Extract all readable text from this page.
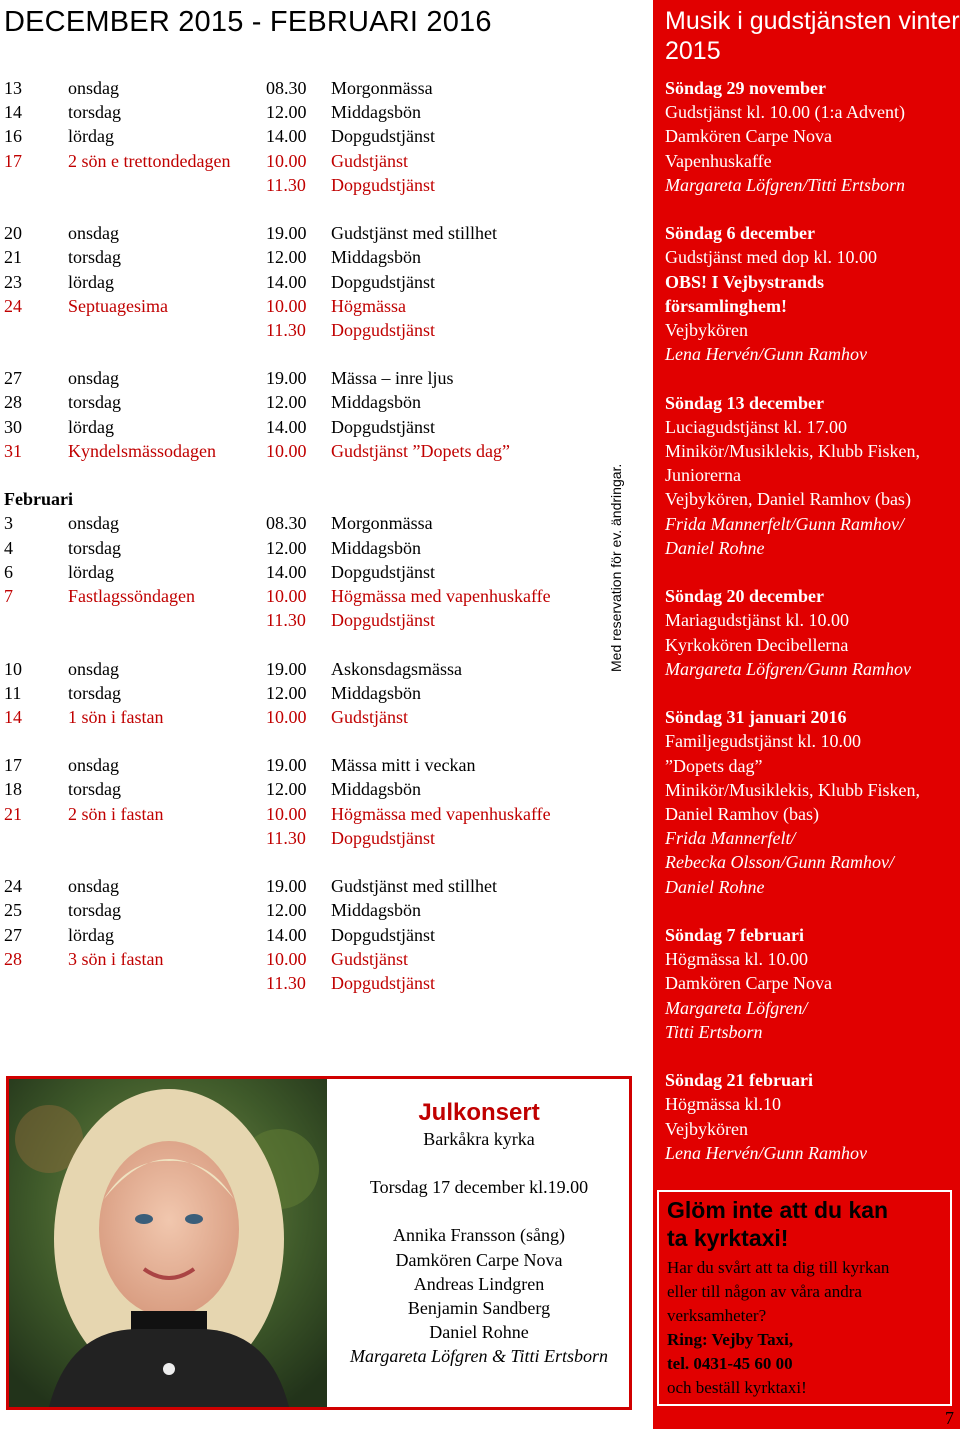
DECEMBER 2015 - FEBRUARI 2016
13	onsdag	08.30 Morgonmässa
14	torsdag	12.00 Middagsbön
16	lördag	14.00 Dopgudstjänst
17	2 sön e trettondedagen 10.00 Gudstjänst
11.30 Dopgudstjänst
20	onsdag	19.00 Gudstjänst med stillhet
21	torsdag	12.00 Middagsbön
23	lördag	14.00 Dopgudstjänst
24	Septuagesima	10.00 Högmässa
11.30 Dopgudstjänst
27	onsdag	19.00 Mässa – inre ljus
28	torsdag	12.00 Middagsbön
30	lördag	14.00 Dopgudstjänst
31	Kyndelsmässodagen	10.00 Gudstjänst ”Dopets dag”
Februari
3	onsdag	08.30 Morgonmässa
4	torsdag	12.00 Middagsbön
6	lördag	14.00 Dopgudstjänst
7	Fastlagssöndagen	10.00 Högmässa med vapenhuskaffe
11.30 Dopgudstjänst
10	onsdag	19.00 Askonsdagsmässa
11	torsdag	12.00 Middagsbön
14	1 sön i fastan	10.00 Gudstjänst
17	onsdag	19.00 Mässa mitt i veckan
18	torsdag	12.00 Middagsbön
21	2 sön i fastan	10.00 Högmässa med vapenhuskaffe
11.30 Dopgudstjänst
24	onsdag	19.00 Gudstjänst med stillhet
25	torsdag	12.00 Middagsbön
27	lördag	14.00 Dopgudstjänst
28	3 sön i fastan	10.00 Gudstjänst
11.30 Dopgudstjänst
Med reservation för ev. ändringar.
Julkonsert
Barkåkra kyrka
Torsdag 17 december kl.19.00
Annika Fransson (sång)
Damkören Carpe Nova
Andreas Lindgren
Benjamin Sandberg
Daniel Rohne
Margareta Löfgren & Titti Ertsborn
Musik i gudstjänsten vinter 2015
Söndag 29 november
Gudstjänst kl. 10.00 (1:a Advent)
Damkören Carpe Nova
Vapenhuskaffe
Margareta Löfgren/Titti Ertsborn
Söndag 6 december
Gudstjänst med dop kl. 10.00
OBS! I Vejbystrands
församlinghem!
Vejbykören
Lena Hervén/Gunn Ramhov
Söndag 13 december
Luciagudstjänst kl. 17.00
Minikör/Musiklekis, Klubb Fisken,
Juniorerna
Vejbykören, Daniel Ramhov (bas)
Frida Mannerfelt/Gunn Ramhov/
Daniel Rohne
Söndag 20 december
Mariagudstjänst kl. 10.00
Kyrkokören Decibellerna
Margareta Löfgren/Gunn Ramhov
Söndag 31 januari 2016
Familjegudstjänst kl. 10.00
”Dopets dag”
Minikör/Musiklekis, Klubb Fisken,
Daniel Ramhov (bas)
Frida Mannerfelt/
Rebecka Olsson/Gunn Ramhov/
Daniel Rohne
Söndag 7 februari
Högmässa kl. 10.00
Damkören Carpe Nova
Margareta Löfgren/
Titti Ertsborn
Söndag 21 februari
Högmässa kl.10
Vejbykören
Lena Hervén/Gunn Ramhov
Glöm inte att du kan
ta kyrktaxi!
Har du svårt att ta dig till kyrkan
eller till någon av våra andra
verksamheter?
Ring: Vejby Taxi,
tel. 0431-45 60 00
och beställ kyrktaxi!
7
